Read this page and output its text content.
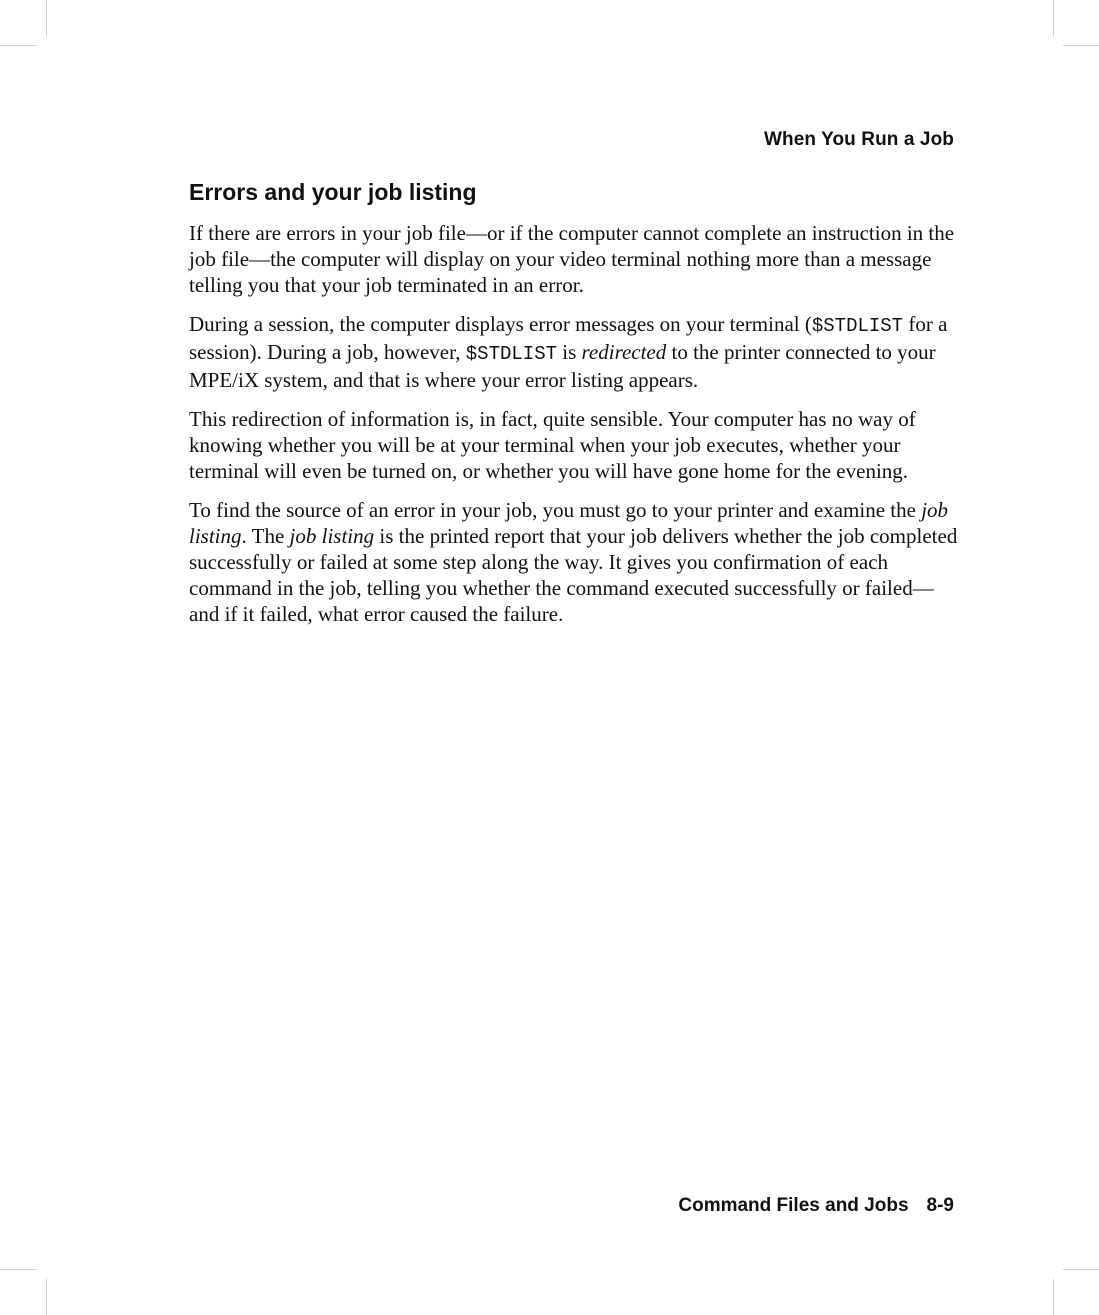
When You Run a Job
Errors and your job listing

If there are errors in your job file—or if the computer cannot complete an instruction in the job file—the computer will display on your video terminal nothing more than a message telling you that your job terminated in an error.

During a session, the computer displays error messages on your terminal ($STDLIST for a session). During a job, however, $STDLIST is redirected to the printer connected to your MPE/iX system, and that is where your error listing appears.

This redirection of information is, in fact, quite sensible. Your computer has no way of knowing whether you will be at your terminal when your job executes, whether your terminal will even be turned on, or whether you will have gone home for the evening.

To find the source of an error in your job, you must go to your printer and examine the job listing. The job listing is the printed report that your job delivers whether the job completed successfully or failed at some step along the way. It gives you confirmation of each command in the job, telling you whether the command executed successfully or failed—and if it failed, what error caused the failure.

Command Files and Jobs 8-9
